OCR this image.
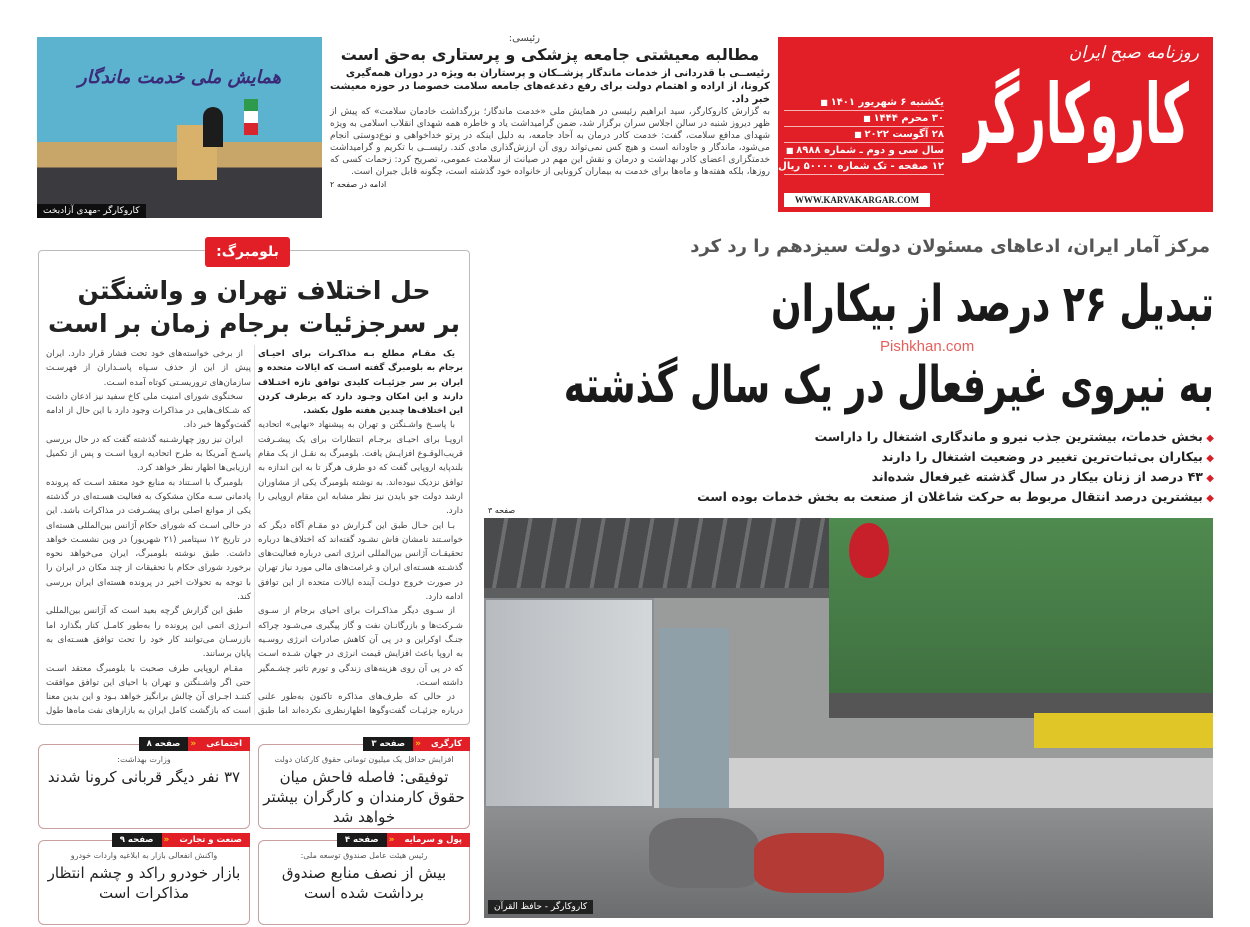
روزنامه صبح ایران
کاروکارگر
یکشنبه ۶ شهریور ۱۴۰۱ ■
۳۰ محرم ۱۴۴۴ ■
۲۸ آگوست ۲۰۲۲ ■
سال سی و دوم ـ شماره ۸۹۸۸ ■
۱۲ صفحه - تک شماره ۵۰۰۰۰ ریال ■
WWW.KARVAKARGAR.COM
رئیسی:
مطالبه معیشتی جامعه پزشکی و پرستاری به‌حق است
رئیســی با قدردانی از خدمات ماندگار پزشــکان و پرستاران به ویژه در دوران همه‌گیری کرونا، از اراده و اهتمام دولت برای رفع دغدغه‌های جامعه سلامت خصوصا در حوزه معیشت خبر داد.
به گزارش کاروکارگر، سید ابراهیم رئیسی در همایش ملی «خدمت ماندگار؛ بزرگداشت خادمان سلامت» که پیش از ظهر دیروز شنبه در سالن اجلاس سران برگزار شد، ضمن گرامیداشت یاد و خاطره همه شهدای انقلاب اسلامی به ویژه شهدای مدافع سلامت، گفت: خدمت کادر درمان به آحاد جامعه، به دلیل اینکه در پرتو خداخواهی و نوع‌دوستی انجام می‌شود، ماندگار و جاودانه است و هیچ کس نمی‌تواند روی آن ارزش‌گذاری مادی کند. رئیســی با تکریم و گرامیداشت خدمتگزاری اعضای کادر بهداشت و درمان و نقش این مهم در صیانت از سلامت عمومی، تصریح کرد: زحمات کسی که روزها، بلکه هفته‌ها و ماه‌ها برای خدمت به بیماران کرونایی از خانواده خود گذشته است، چگونه قابل جبران است.
ادامه در صفحه ۲
همایش ملی خدمت ماندگار
کاروکارگر -مهدی آزادبخت
مرکز آمار ایران، ادعاهای مسئولان دولت سیزدهم را رد کرد
تبدیل ۲۶ درصد از بیکاران
Pishkhan.com
به نیروی غیرفعال در یک سال گذشته
◆ بخش خدمات، بیشترین جذب نیرو و ماندگاری اشتغال را داراست
◆ بیکاران بی‌ثبات‌ترین تغییر در وضعیت اشتغال را دارند
◆ ۴۳ درصد از زنان بیکار در سال گذشته غیرفعال شده‌اند
◆ بیشترین درصد انتقال مربوط به حرکت شاغلان از صنعت به بخش خدمات بوده است
صفحه ۳
کاروکارگر - حافظ القرآن
بلومبرگ:
حل اختلاف تهران و واشنگتن
بر سرجزئیات برجام زمان بر است

یک مقـام مطلع بـه مذاکـرات برای احیـای برجام به بلومبرگ گفته اسـت که ایالات متحده و ایران بر سر جزئیـات کلیدی توافق تازه اختـلاف دارند و این امکان وجـود دارد که برطرف کردن این اختلاف‌ها چندین هفته طول بکشد.

با پاسـخ واشـنگتن و تهران به پیشنهاد «نهایی» اتحادیه اروپـا برای احیـای برجـام انتظارات برای یک پیشـرفت قریب‌الوقـوع افزایـش یافت. بلومبرگ به نقـل از یک مقام بلندپایه اروپایی گفت که دو طرف هرگز تا به این اندازه به توافق نزدیک نبوده‌اند. به نوشته بلومبرگ یکی از مشاوران ارشد دولت جو بایدن نیز نظر مشابه این مقام اروپایی را دارد.

بـا این حـال طبق این گـزارش دو مقـام آگاه دیگر که خواسـتند نامشان فاش نشـود گفته‌اند که اختلاف‌ها درباره تحقیقـات آژانس بین‌المللی انرژی اتمی درباره فعالیت‌های گذشـته هسـته‌ای ایران و غرامت‌های مالی مورد نیاز تهران در صورت خروج دولـت آینده ایالات متحده از این توافق ادامه دارد.

از سـوی دیگر مذاکـرات برای احیای برجام از سـوی شـرکت‌ها و بازرگانـان نفت و گاز پیگیری می‌شـود چراکه جنـگ اوکراین و در پی آن کاهش صادرات انرژی روسـیه به اروپا باعث افزایش قیمت انرژی در جهان شـده اسـت که در پی آن روی هزینه‌های زندگی و تورم تاثیر چشـمگیر داشته اسـت.

در حالی که طرف‌های مذاکره تاکنون به‌طور علنی درباره جزئیـات گفت‌وگوها اظهارنظری نکرده‌اند اما طبق

از برخی خواسته‌های خود تحت فشار قرار دارد. ایران پیش از این از حذف سـپاه پاسـداران از فهرسـت سازمان‌های تروریسـتی کوتاه آمده اسـت.

سخنگوی شورای امنیت ملی کاخ سفید نیز اذعان داشت که شـکاف‌هایی در مذاکرات وجود دارد با این حال از ادامه گفت‌وگوها خبر داد.

ایران نیز روز چهارشـنبه گذشته گفت که در حال بررسی پاسـخ آمریکا به طرح اتحادیه اروپا اسـت و پس از تکمیل ارزیابی‌ها اظهار نظر خواهد کرد.

بلومبرگ با اسـتناد به منابع خود معتقد اسـت که پرونده پادمانی سـه مکان مشکوک به فعالیت هسـته‌ای در گذشته یکی از موانع اصلی برای پیشـرفت در مذاکرات باشد. این در حالی اسـت که شورای حکام آژانس بین‌المللی هسته‌ای در تاریخ ۱۲ سپتامبر (۲۱ شهریور) در وین نشسـت خواهد داشت. طبق نوشته بلومبرگ، ایران می‌خواهد نحوه برخورد شورای حکام با تحقیقات از چند مکان در ایران را با توجه به تحولات اخیر در پرونده هسته‌ای ایران بررسی کند.

طبق این گزارش گرچه بعید است که آژانس بین‌المللی انـرژی اتمی این پرونده را به‌طور کامـل کنار بگذارد اما بازرسـان می‌توانند کار خود را تحت توافق هسـته‌ای به پایان برسانند.

مقـام اروپایی طرف صحبت با بلومبرگ معتقد اسـت حتی اگر واشـنگتن و تهران با احیای این توافق موافقت کننـد اجـرای آن چالش برانگیز خواهد بـود و این بدین معنا است که بازگشت کامل ایران به بازارهای نفت ماه‌ها طول

کارگری
«
صفحه ۳
افزایش حداقل یک میلیون تومانی حقوق کارکنان دولت
توفیقی: فاصله فاحش میان حقوق کارمندان و کارگران بیشتر خواهد شد
اجتماعی
«
صفحه ۸
وزارت بهداشت:
۳۷ نفر دیگر قربانی کرونا شدند
پول و سرمایه
«
صفحه ۴
رئیس هیئت عامل صندوق توسعه ملی:
بیش از نصف منابع صندوق برداشت شده است
صنعت و تجارت
«
صفحه ۹
واکنش انفعالی بازار به ابلاغیه واردات خودرو
بازار خودرو راکد و چشم انتظار مذاکرات است
